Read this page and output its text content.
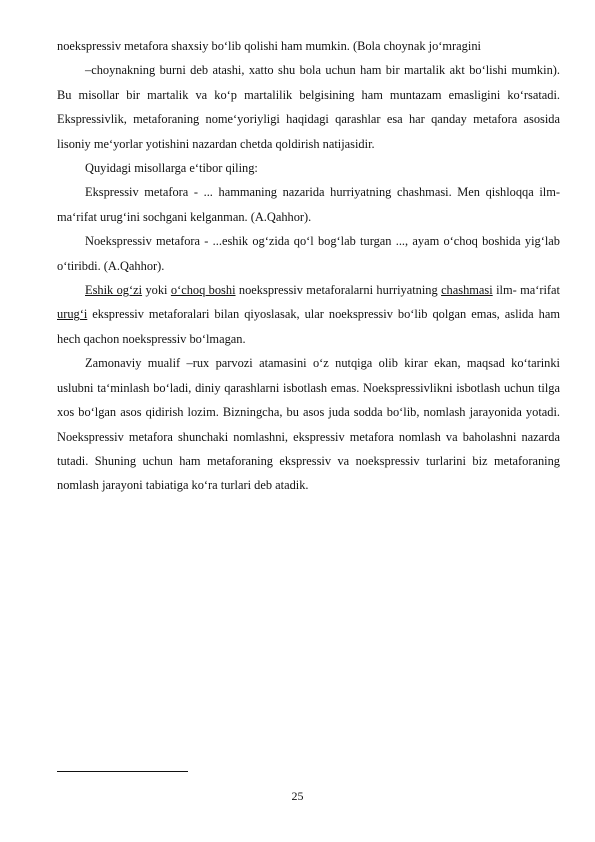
noekspressiv metafora shaxsiy bo‘lib qolishi ham mumkin. (Bola choynak jo‘mragini

–choynakning burni deb atashi, xatto shu bola uchun ham bir martalik akt bo‘lishi mumkin). Bu misollar bir martalik va ko‘p martalilik belgisining ham muntazam emasligini ko‘rsatadi. Ekspressivlik, metaforaning nome‘yoriyligi haqidagi qarashlar esa har qanday metafora asosida lisoniy me‘yorlar yotishini nazardan chetda qoldirish natijasidir.

Quyidagi misollarga e‘tibor qiling:

Ekspressiv metafora - ... hammaning nazarida hurriyatning chashmasi. Men qishloqqa ilm-ma‘rifat urug‘ini sochgani kelganman. (A.Qahhor).

Noekspressiv metafora - ...eshik og‘zida qo‘l bog‘lab turgan ..., ayam o‘choq boshida yig‘lab o‘tiribdi. (A.Qahhor).

Eshik og‘zi yoki o‘choq boshi noekspressiv metaforalarni hurriyatning chashmasi ilm- ma‘rifat urug‘i ekspressiv metaforalari bilan qiyoslasak, ular noekspressiv bo‘lib qolgan emas, aslida ham hech qachon noekspressiv bo‘lmagan.

Zamonaviy mualif –rux parvozi atamasini o‘z nutqiga olib kirar ekan, maqsad ko‘tarinki uslubni ta‘minlash bo‘ladi, diniy qarashlarni isbotlash emas. Noekspressivlikni isbotlash uchun tilga xos bo‘lgan asos qidirish lozim. Bizningcha, bu asos juda sodda bo‘lib, nomlash jarayonida yotadi. Noekspressiv metafora shunchaki nomlashni, ekspressiv metafora nomlash va baholashni nazarda tutadi. Shuning uchun ham metaforaning ekspressiv va noekspressiv turlarini biz metaforaning nomlash jarayoni tabiatiga ko‘ra turlari deb atadik.

25
